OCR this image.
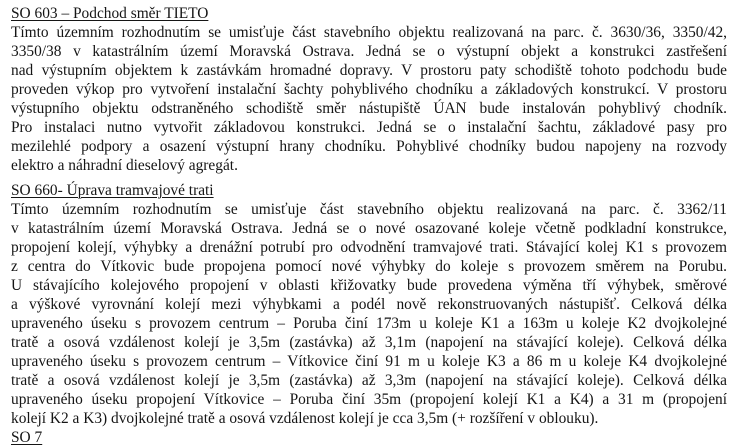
SO 603 – Podchod směr TIETO
Tímto územním rozhodnutím se umisťuje část stavebního objektu realizovaná na parc. č. 3630/36, 3350/42,
3350/38 v katastrálním území Moravská Ostrava. Jedná se o výstupní objekt a konstrukci zastřešení
nad výstupním objektem k zastávkám hromadné dopravy. V prostoru paty schodiště tohoto podchodu bude
proveden výkop pro vytvoření instalační šachty pohyblivého chodníku a základových konstrukcí. V prostoru
výstupního objektu odstraněného schodiště směr nástupiště ÚAN bude instalován pohyblivý chodník.
Pro instalaci nutno vytvořit základovou konstrukci. Jedná se o instalační šachtu, základové pasy pro
mezilehlé podpory a osazení výstupní hrany chodníku. Pohyblivé chodníky budou napojeny na rozvody
elektro a náhradní dieselový agregát.
SO 660- Úprava tramvajové trati
Tímto územním rozhodnutím se umisťuje část stavebního objektu realizovaná na parc. č. 3362/11
v katastrálním území Moravská Ostrava. Jedná se o nové osazované koleje včetně podkladní konstrukce,
propojení kolejí, výhybky a drenážní potrubí pro odvodnění tramvajové trati. Stávající kolej K1 s provozem
z centra do Vítkovic bude propojena pomocí nové výhybky do koleje s provozem směrem na Porubu.
U stávajícího kolejového propojení v oblasti křižovatky bude provedena výměna tří výhybek, směrové
a výškové vyrovnání kolejí mezi výhybkami a podél nově rekonstruovaných nástupišť. Celková délka
upraveného úseku s provozem centrum – Poruba činí 173m u koleje K1 a 163m u koleje K2 dvojkolejné
tratě a osová vzdálenost kolejí je 3,5m (zastávka) až 3,1m (napojení na stávající koleje). Celková délka
upraveného úseku s provozem centrum – Vítkovice činí 91 m u koleje K3 a 86 m u koleje K4 dvojkolejné
tratě a osová vzdálenost kolejí je 3,5m (zastávka) až 3,3m (napojení na stávající koleje). Celková délka
upraveného úseku propojení Vítkovice – Poruba činí 35m (propojení kolejí K1 a K4) a 31 m (propojení
kolejí K2 a K3) dvojkolejné tratě a osová vzdálenost kolejí je cca 3,5m (+ rozšíření v oblouku).
SO 7
